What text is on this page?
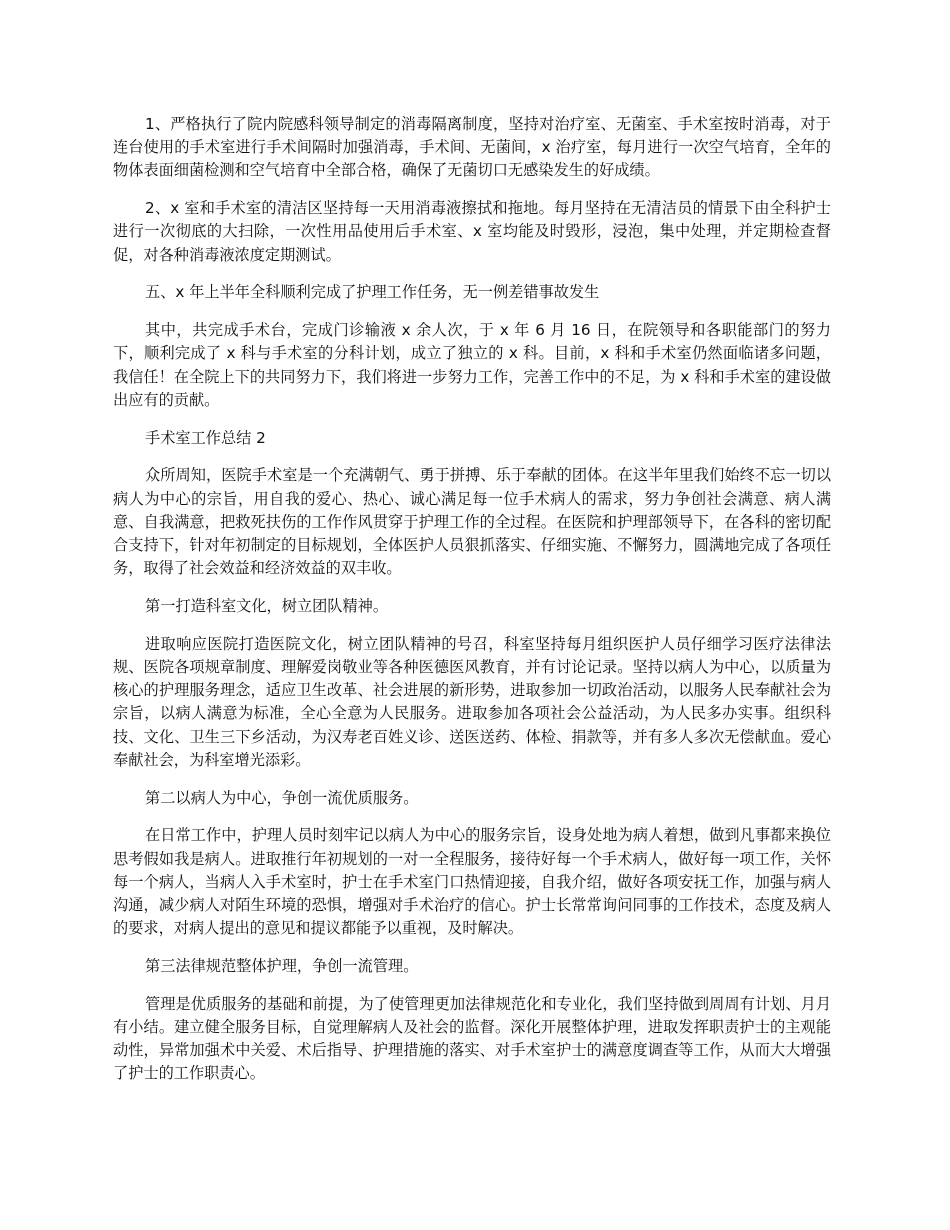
1、严格执行了院内院感科领导制定的消毒隔离制度，坚持对治疗室、无菌室、手术室按时消毒，对于连台使用的手术室进行手术间隔时加强消毒，手术间、无菌间，x 治疗室，每月进行一次空气培育，全年的物体表面细菌检测和空气培育中全部合格，确保了无菌切口无感染发生的好成绩。

2、x 室和手术室的清洁区坚持每一天用消毒液擦拭和拖地。每月坚持在无清洁员的情景下由全科护士进行一次彻底的大扫除，一次性用品使用后手术室、x 室均能及时毁形，浸泡，集中处理，并定期检查督促，对各种消毒液浓度定期测试。

五、x 年上半年全科顺利完成了护理工作任务，无一例差错事故发生

其中，共完成手术台，完成门诊输液 x 余人次，于 x 年 6 月 16 日，在院领导和各职能部门的努力下，顺利完成了 x 科与手术室的分科计划，成立了独立的 x 科。目前，x 科和手术室仍然面临诸多问题，我信任！在全院上下的共同努力下，我们将进一步努力工作，完善工作中的不足，为 x 科和手术室的建设做出应有的贡献。

手术室工作总结 2

众所周知，医院手术室是一个充满朝气、勇于拼搏、乐于奉献的团体。在这半年里我们始终不忘一切以病人为中心的宗旨，用自我的爱心、热心、诚心满足每一位手术病人的需求，努力争创社会满意、病人满意、自我满意，把救死扶伤的工作作风贯穿于护理工作的全过程。在医院和护理部领导下，在各科的密切配合支持下，针对年初制定的目标规划，全体医护人员狠抓落实、仔细实施、不懈努力，圆满地完成了各项任务，取得了社会效益和经济效益的双丰收。

第一打造科室文化，树立团队精神。

进取响应医院打造医院文化，树立团队精神的号召，科室坚持每月组织医护人员仔细学习医疗法律法规、医院各项规章制度、理解爱岗敬业等各种医德医风教育，并有讨论记录。坚持以病人为中心，以质量为核心的护理服务理念，适应卫生改革、社会进展的新形势，进取参加一切政治活动，以服务人民奉献社会为宗旨，以病人满意为标准，全心全意为人民服务。进取参加各项社会公益活动，为人民多办实事。组织科技、文化、卫生三下乡活动，为汉寿老百姓义诊、送医送药、体检、捐款等，并有多人多次无偿献血。爱心奉献社会，为科室增光添彩。

第二以病人为中心，争创一流优质服务。

在日常工作中，护理人员时刻牢记以病人为中心的服务宗旨，设身处地为病人着想，做到凡事都来换位思考假如我是病人。进取推行年初规划的一对一全程服务，接待好每一个手术病人，做好每一项工作，关怀每一个病人，当病人入手术室时，护士在手术室门口热情迎接，自我介绍，做好各项安抚工作，加强与病人沟通，减少病人对陌生环境的恐惧，增强对手术治疗的信心。护士长常常询问同事的工作技术，态度及病人的要求，对病人提出的意见和提议都能予以重视，及时解决。

第三法律规范整体护理，争创一流管理。

管理是优质服务的基础和前提，为了使管理更加法律规范化和专业化，我们坚持做到周周有计划、月月有小结。建立健全服务目标，自觉理解病人及社会的监督。深化开展整体护理，进取发挥职责护士的主观能动性，异常加强术中关爱、术后指导、护理措施的落实、对手术室护士的满意度调查等工作，从而大大增强了护士的工作职责心。
